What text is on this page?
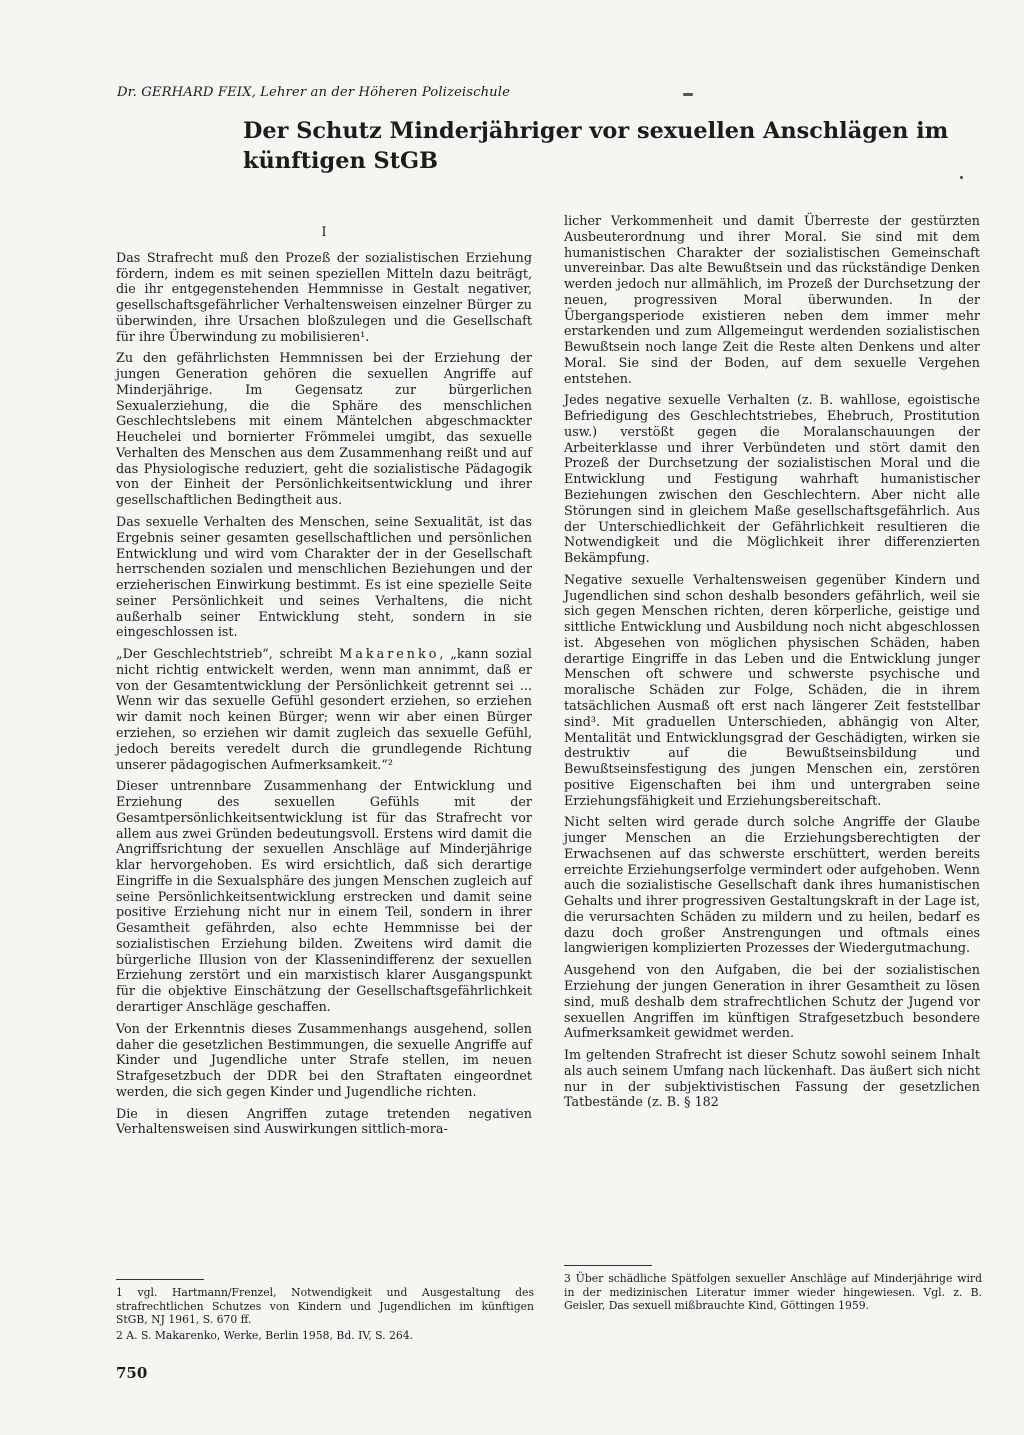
Dr. GERHARD FEIX, Lehrer an der Höheren Polizeischule
Der Schutz Minderjähriger vor sexuellen Anschlägen im künftigen StGB
I

Das Strafrecht muß den Prozeß der sozialistischen Erziehung fördern, indem es mit seinen speziellen Mitteln dazu beiträgt, die ihr entgegenstehenden Hemmnisse in Gestalt negativer, gesellschaftsgefährlicher Verhaltensweisen einzelner Bürger zu überwinden, ihre Ursachen bloßzulegen und die Gesellschaft für ihre Überwindung zu mobilisieren¹.

Zu den gefährlichsten Hemmnissen bei der Erziehung der jungen Generation gehören die sexuellen Angriffe auf Minderjährige. Im Gegensatz zur bürgerlichen Sexualerziehung, die die Sphäre des menschlichen Geschlechtslebens mit einem Mäntelchen abgeschmackter Heuchelei und bornierter Frömmelei umgibt, das sexuelle Verhalten des Menschen aus dem Zusammenhang reißt und auf das Physiologische reduziert, geht die sozialistische Pädagogik von der Einheit der Persönlichkeitsentwicklung und ihrer gesellschaftlichen Bedingtheit aus.

Das sexuelle Verhalten des Menschen, seine Sexualität, ist das Ergebnis seiner gesamten gesellschaftlichen und persönlichen Entwicklung und wird vom Charakter der in der Gesellschaft herrschenden sozialen und menschlichen Beziehungen und der erzieherischen Einwirkung bestimmt. Es ist eine spezielle Seite seiner Persönlichkeit und seines Verhaltens, die nicht außerhalb seiner Entwicklung steht, sondern in sie eingeschlossen ist.

„Der Geschlechtstrieb“, schreibt Makarenko, „kann sozial nicht richtig entwickelt werden, wenn man annimmt, daß er von der Gesamtentwicklung der Persönlichkeit getrennt sei ... Wenn wir das sexuelle Gefühl gesondert erziehen, so erziehen wir damit noch keinen Bürger; wenn wir aber einen Bürger erziehen, so erziehen wir damit zugleich das sexuelle Gefühl, jedoch bereits veredelt durch die grundlegende Richtung unserer pädagogischen Aufmerksamkeit.“²

Dieser untrennbare Zusammenhang der Entwicklung und Erziehung des sexuellen Gefühls mit der Gesamtpersönlichkeitsentwicklung ist für das Strafrecht vor allem aus zwei Gründen bedeutungsvoll. Erstens wird damit die Angriffsrichtung der sexuellen Anschläge auf Minderjährige klar hervorgehoben. Es wird ersichtlich, daß sich derartige Eingriffe in die Sexualsphäre des jungen Menschen zugleich auf seine Persönlichkeitsentwicklung erstrecken und damit seine positive Erziehung nicht nur in einem Teil, sondern in ihrer Gesamtheit gefährden, also echte Hemmnisse bei der sozialistischen Erziehung bilden. Zweitens wird damit die bürgerliche Illusion von der Klassenindifferenz der sexuellen Erziehung zerstört und ein marxistisch klarer Ausgangspunkt für die objektive Einschätzung der Gesellschaftsgefährlichkeit derartiger Anschläge geschaffen.

Von der Erkenntnis dieses Zusammenhangs ausgehend, sollen daher die gesetzlichen Bestimmungen, die sexuelle Angriffe auf Kinder und Jugendliche unter Strafe stellen, im neuen Strafgesetzbuch der DDR bei den Straftaten eingeordnet werden, die sich gegen Kinder und Jugendliche richten.

Die in diesen Angriffen zutage tretenden negativen Verhaltensweisen sind Auswirkungen sittlich-mora-

licher Verkommenheit und damit Überreste der gestürzten Ausbeuterordnung und ihrer Moral. Sie sind mit dem humanistischen Charakter der sozialistischen Gemeinschaft unvereinbar. Das alte Bewußtsein und das rückständige Denken werden jedoch nur allmählich, im Prozeß der Durchsetzung der neuen, progressiven Moral überwunden. In der Übergangsperiode existieren neben dem immer mehr erstarkenden und zum Allgemeingut werdenden sozialistischen Bewußtsein noch lange Zeit die Reste alten Denkens und alter Moral. Sie sind der Boden, auf dem sexuelle Vergehen entstehen.

Jedes negative sexuelle Verhalten (z. B. wahllose, egoistische Befriedigung des Geschlechtstriebes, Ehebruch, Prostitution usw.) verstößt gegen die Moralanschauungen der Arbeiterklasse und ihrer Verbündeten und stört damit den Prozeß der Durchsetzung der sozialistischen Moral und die Entwicklung und Festigung wahrhaft humanistischer Beziehungen zwischen den Geschlechtern. Aber nicht alle Störungen sind in gleichem Maße gesellschaftsgefährlich. Aus der Unterschiedlichkeit der Gefährlichkeit resultieren die Notwendigkeit und die Möglichkeit ihrer differenzierten Bekämpfung.

Negative sexuelle Verhaltensweisen gegenüber Kindern und Jugendlichen sind schon deshalb besonders gefährlich, weil sie sich gegen Menschen richten, deren körperliche, geistige und sittliche Entwicklung und Ausbildung noch nicht abgeschlossen ist. Abgesehen von möglichen physischen Schäden, haben derartige Eingriffe in das Leben und die Entwicklung junger Menschen oft schwere und schwerste psychische und moralische Schäden zur Folge, Schäden, die in ihrem tatsächlichen Ausmaß oft erst nach längerer Zeit feststellbar sind³. Mit graduellen Unterschieden, abhängig von Alter, Mentalität und Entwicklungsgrad der Geschädigten, wirken sie destruktiv auf die Bewußtseinsbildung und Bewußtseinsfestigung des jungen Menschen ein, zerstören positive Eigenschaften bei ihm und untergraben seine Erziehungsfähigkeit und Erziehungsbereitschaft.

Nicht selten wird gerade durch solche Angriffe der Glaube junger Menschen an die Erziehungsberechtigten der Erwachsenen auf das schwerste erschüttert, werden bereits erreichte Erziehungserfolge vermindert oder aufgehoben. Wenn auch die sozialistische Gesellschaft dank ihres humanistischen Gehalts und ihrer progressiven Gestaltungskraft in der Lage ist, die verursachten Schäden zu mildern und zu heilen, bedarf es dazu doch großer Anstrengungen und oftmals eines langwierigen komplizierten Prozesses der Wiedergutmachung.

Ausgehend von den Aufgaben, die bei der sozialistischen Erziehung der jungen Generation in ihrer Gesamtheit zu lösen sind, muß deshalb dem strafrechtlichen Schutz der Jugend vor sexuellen Angriffen im künftigen Strafgesetzbuch besondere Aufmerksamkeit gewidmet werden.

Im geltenden Strafrecht ist dieser Schutz sowohl seinem Inhalt als auch seinem Umfang nach lückenhaft. Das äußert sich nicht nur in der subjektivistischen Fassung der gesetzlichen Tatbestände (z. B. § 182

1 vgl. Hartmann/Frenzel, Notwendigkeit und Ausgestaltung des strafrechtlichen Schutzes von Kindern und Jugendlichen im künftigen StGB, NJ 1961, S. 670 ff.

2 A. S. Makarenko, Werke, Berlin 1958, Bd. IV, S. 264.

3 Über schädliche Spätfolgen sexueller Anschläge auf Minderjährige wird in der medizinischen Literatur immer wieder hingewiesen. Vgl. z. B. Geisler, Das sexuell mißbrauchte Kind, Göttingen 1959.

750
